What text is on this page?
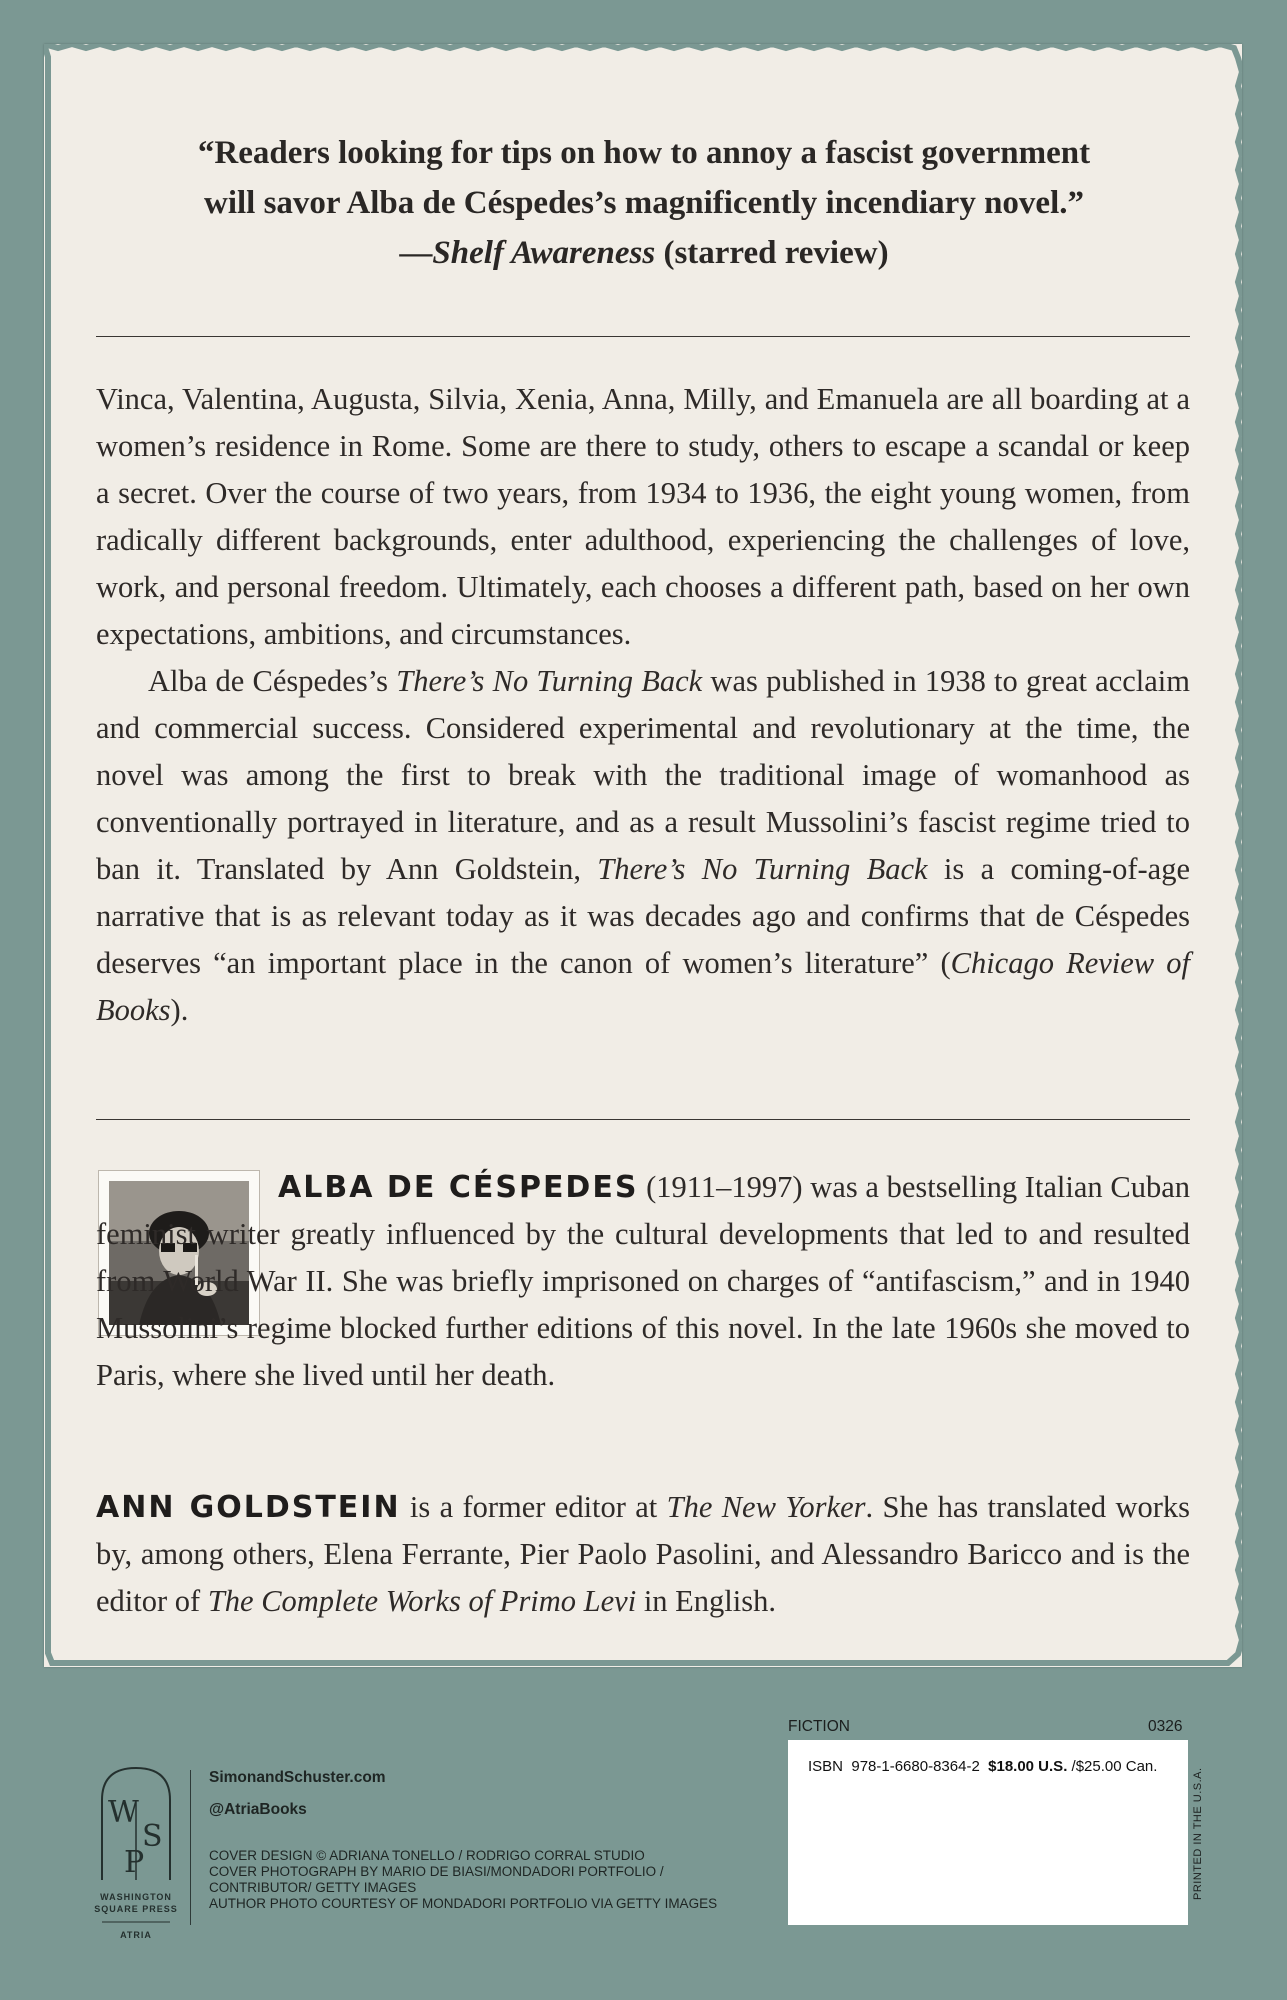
“Readers looking for tips on how to annoy a fascist government
will savor Alba de Céspedes’s magnificently incendiary novel.”
—Shelf Awareness (starred review)

Vinca, Valentina, Augusta, Silvia, Xenia, Anna, Milly, and Emanuela are all boarding at a women’s residence in Rome. Some are there to study, others to escape a scandal or keep a secret. Over the course of two years, from 1934 to 1936, the eight young women, from radically different backgrounds, enter adulthood, experiencing the challenges of love, work, and personal freedom. Ultimately, each chooses a different path, based on her own expectations, ambitions, and circumstances.

Alba de Céspedes’s There’s No Turning Back was published in 1938 to great acclaim and commercial success. Considered experimental and revolutionary at the time, the novel was among the first to break with the traditional image of womanhood as conventionally portrayed in literature, and as a result Mussolini’s fascist regime tried to ban it. Translated by Ann Goldstein, There’s No Turning Back is a coming-of-age narrative that is as relevant today as it was decades ago and confirms that de Céspedes deserves “an important place in the canon of women’s literature” (Chicago Review of Books).

ALBA DE CÉSPEDES (1911–1997) was a bestselling Italian Cuban feminist writer greatly influenced by the cultural developments that led to and resulted from World War II. She was briefly imprisoned on charges of “antifascism,” and in 1940 Mussolini’s regime blocked further editions of this novel. In the late 1960s she moved to Paris, where she lived until her death.

ANN GOLDSTEIN is a former editor at The New Yorker. She has translated works by, among others, Elena Ferrante, Pier Paolo Pasolini, and Alessandro Baricco and is the editor of The Complete Works of Primo Levi in English.

W
S
P
WASHINGTON
SQUARE PRESS
ATRIA
SimonandSchuster.com
@AtriaBooks
COVER DESIGN © ADRIANA TONELLO / RODRIGO CORRAL STUDIO
COVER PHOTOGRAPH BY MARIO DE BIASI/MONDADORI PORTFOLIO /
CONTRIBUTOR/ GETTY IMAGES
AUTHOR PHOTO COURTESY OF MONDADORI PORTFOLIO VIA GETTY IMAGES
FICTION	0326
ISBN 978-1-6680-8364-2 $18.00 U.S. /$25.00 Can.
PRINTED IN THE U.S.A.
